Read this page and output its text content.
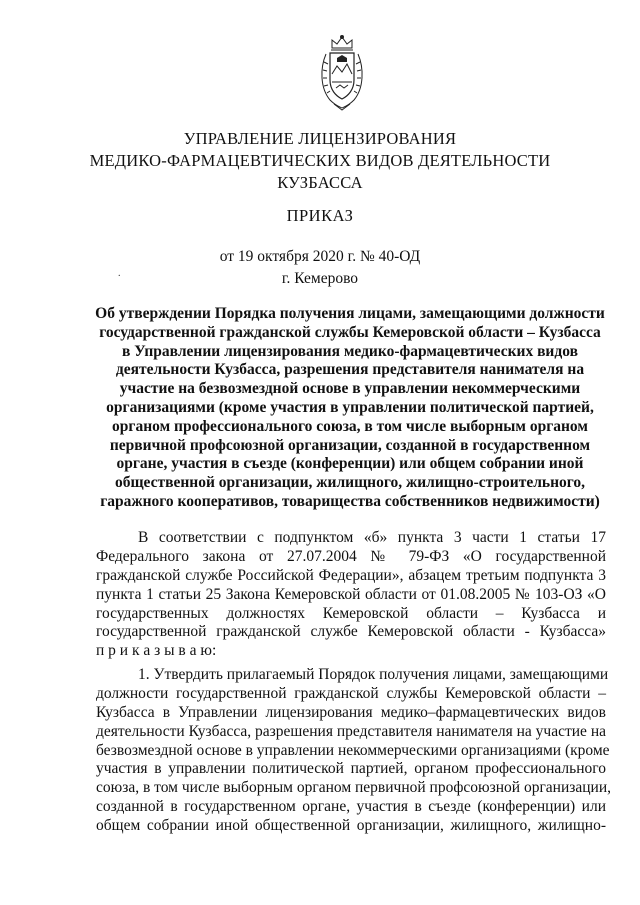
УПРАВЛЕНИЕ ЛИЦЕНЗИРОВАНИЯ
МЕДИКО-ФАРМАЦЕВТИЧЕСКИХ ВИДОВ ДЕЯТЕЛЬНОСТИ
КУЗБАССА
ПРИКАЗ
от 19 октября 2020 г. № 40-ОД
г. Кемерово
.
Об утверждении Порядка получения лицами, замещающими должности
государственной гражданской службы Кемеровской области – Кузбасса
в Управлении лицензирования медико-фармацевтических видов
деятельности Кузбасса, разрешения представителя нанимателя на
участие на безвозмездной основе в управлении некоммерческими
организациями (кроме участия в управлении политической партией,
органом профессионального союза, в том числе выборным органом
первичной профсоюзной организации, созданной в государственном
органе, участия в съезде (конференции) или общем собрании иной
общественной организации, жилищного, жилищно-строительного,
гаражного кооперативов, товарищества собственников недвижимости)
В соответствии с подпунктом «б» пункта 3 части 1 статьи 17
Федерального закона от 27.07.2004 № 79-ФЗ «О государственной
гражданской службе Российской Федерации», абзацем третьим подпункта 3
пункта 1 статьи 25 Закона Кемеровской области от 01.08.2005 № 103-ОЗ «О
государственных должностях Кемеровской области – Кузбасса и
государственной гражданской службе Кемеровской области - Кузбасса»
п р и к а з ы в а ю:
1. Утвердить прилагаемый Порядок получения лицами, замещающими
должности государственной гражданской службы Кемеровской области –
Кузбасса в Управлении лицензирования медико–фармацевтических видов
деятельности Кузбасса, разрешения представителя нанимателя на участие на
безвозмездной основе в управлении некоммерческими организациями (кроме
участия в управлении политической партией, органом профессионального
союза, в том числе выборным органом первичной профсоюзной организации,
созданной в государственном органе, участия в съезде (конференции) или
общем собрании иной общественной организации, жилищного, жилищно-
